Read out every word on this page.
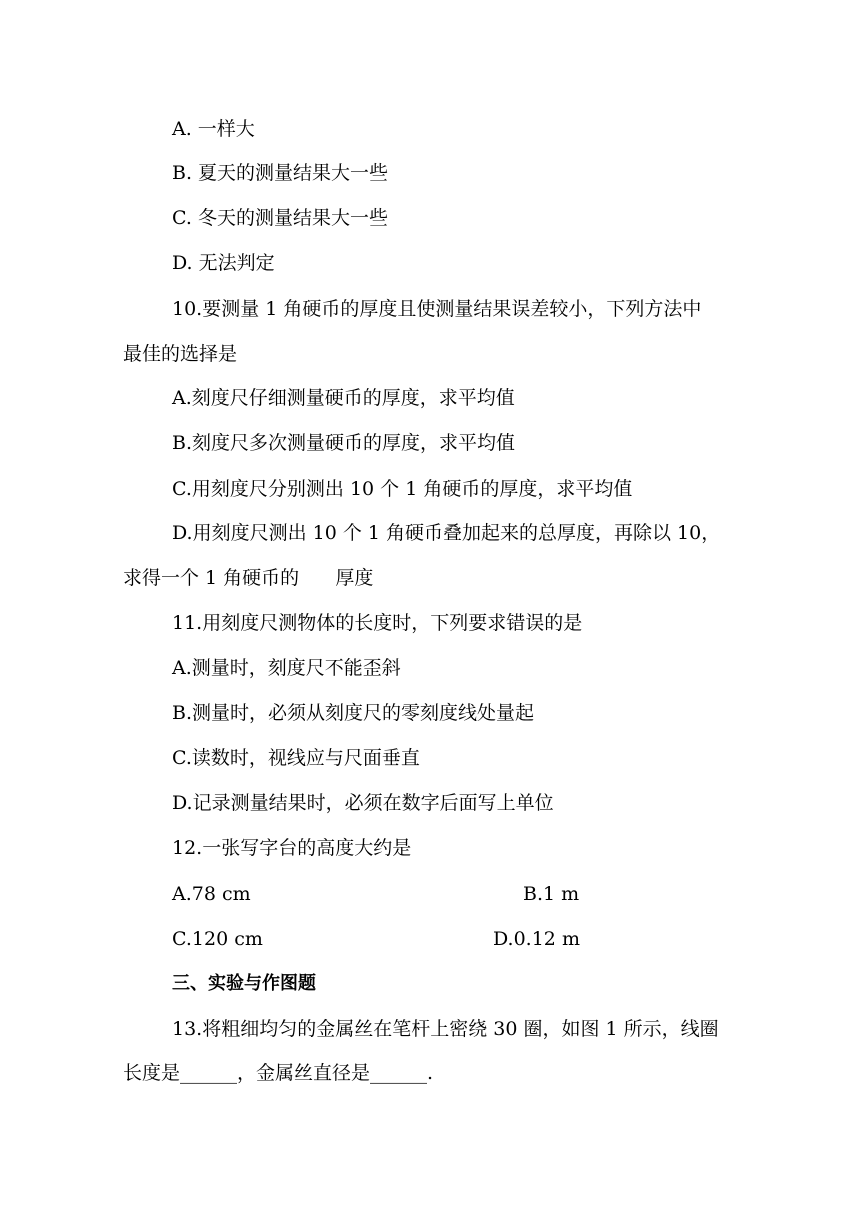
A. 一样大
B. 夏天的测量结果大一些
C. 冬天的测量结果大一些
D. 无法判定
10.要测量 1 角硬币的厚度且使测量结果误差较小，下列方法中
最佳的选择是
A.刻度尺仔细测量硬币的厚度，求平均值
B.刻度尺多次测量硬币的厚度，求平均值
C.用刻度尺分别测出 10 个 1 角硬币的厚度，求平均值
D.用刻度尺测出 10 个 1 角硬币叠加起来的总厚度，再除以 10，
求得一个 1 角硬币的      厚度
11.用刻度尺测物体的长度时，下列要求错误的是
A.测量时，刻度尺不能歪斜
B.测量时，必须从刻度尺的零刻度线处量起
C.读数时，视线应与尺面垂直
D.记录测量结果时，必须在数字后面写上单位
12.一张写字台的高度大约是
A.78 cm	B.1 m
C.120 cm	D.0.12 m
三、实验与作图题
13.将粗细均匀的金属丝在笔杆上密绕 30 圈，如图 1 所示，线圈
长度是______，金属丝直径是______.
